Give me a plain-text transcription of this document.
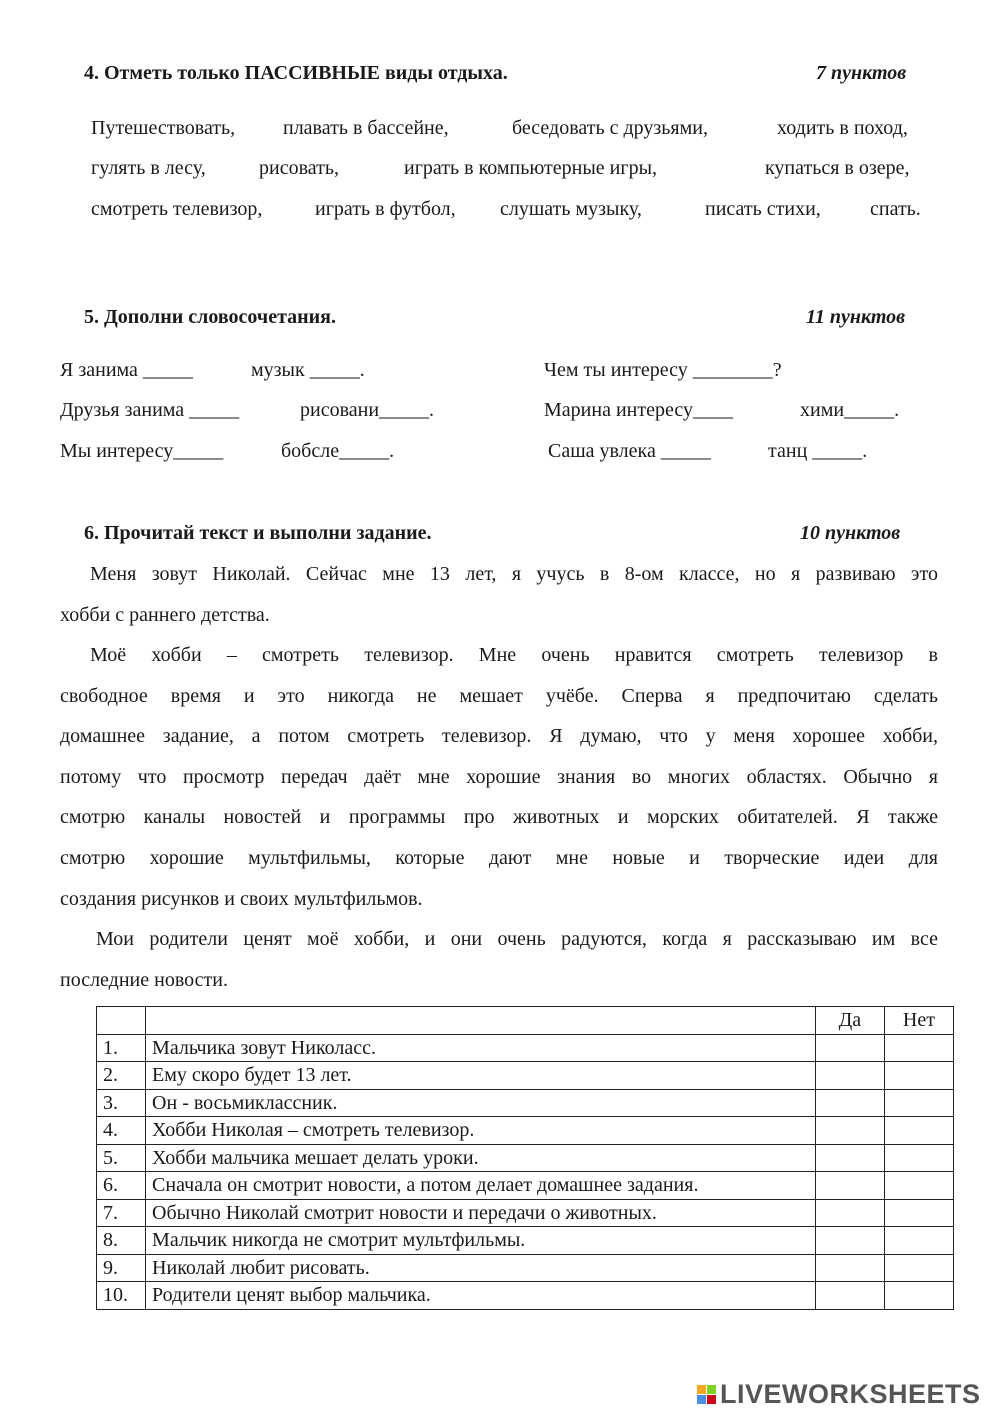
4. Отметь только ПАССИВНЫЕ виды отдыха.	7 пунктов
Путешествовать, плавать в бассейне,	беседовать с друзьями,	ходить в поход,
гулять в лесу,	рисовать,	играть в компьютерные игры,	купаться в озере,
смотреть телевизор,	играть в футбол, слушать музыку,	писать стихи, спать.
5. Дополни словосочетания.	11 пунктов
Я занима _____	музык _____.	Чем ты интересу ________?
Друзья занима _____	рисовани_____.	Марина интересу____	хими_____.
Мы интересу_____	бобсле_____.	Саша увлека _____	танц _____.
6. Прочитай текст и выполни задание.	10 пунктов
Меня зовут Николай. Сейчас мне 13 лет, я учусь в 8-ом классе, но я развиваю это
хобби с раннего детства.
Моё хобби – смотреть телевизор. Мне очень нравится смотреть телевизор в
свободное время и это никогда не мешает учёбе. Сперва я предпочитаю сделать
домашнее задание, а потом смотреть телевизор. Я думаю, что у меня хорошее хобби,
потому что просмотр передач даёт мне хорошие знания во многих областях. Обычно я
смотрю каналы новостей и программы про животных и морских обитателей. Я также
смотрю хорошие мультфильмы, которые дают мне новые и творческие идеи для
создания рисунков и своих мультфильмов.
Мои родители ценят моё хобби, и они очень радуются, когда я рассказываю им все
последние новости.
		Да	Нет
1.	Мальчика зовут Николасс.		
2.	Ему скоро будет 13 лет.		
3.	Он - восьмиклассник.		
4.	Хобби Николая – смотреть телевизор.		
5.	Хобби мальчика мешает делать уроки.		
6.	Сначала он смотрит новости, а потом делает домашнее задания.		
7.	Обычно Николай смотрит новости и передачи о животных.		
8.	Мальчик никогда не смотрит мультфильмы.		
9.	Николай любит рисовать.		
10.	Родители ценят выбор мальчика.		
LIVEWORKSHEETS
